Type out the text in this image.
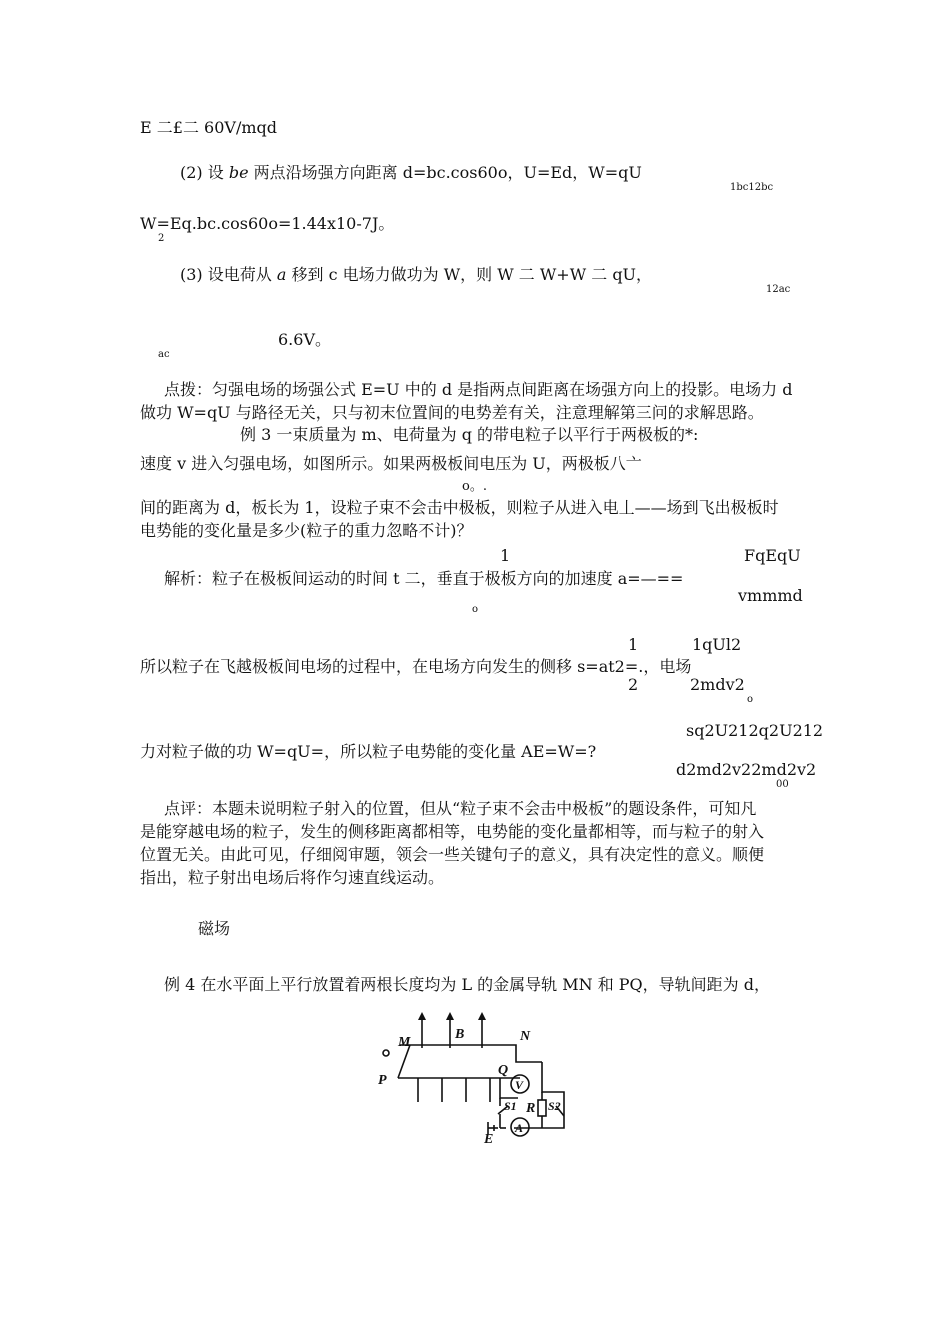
E 二£二 60V/mqd
(2) 设 be 两点沿场强方向距离 d=bc.cos60o，U=Ed，W=qU
1bc12bc
W=Eq.bc.cos60o=1.44x10-7J。
2
(3) 设电荷从 a 移到 c 电场力做功为 W，则 W 二 W+W 二 qU，
12ac
6.6V。
ac
点拨：匀强电场的场强公式 E=U 中的 d 是指两点间距离在场强方向上的投影。电场力 d
做功 W=qU 与路径无关，只与初末位置间的电势差有关，注意理解第三问的求解思路。
例 3 一束质量为 m、电荷量为 q 的带电粒子以平行于两极板的*:
速度 v 进入匀强电场，如图所示。如果两极板间电压为 U，两极板八亠
o。.
间的距离为 d，板长为 1，设粒子束不会击中极板，则粒子从进入电丄——场到飞出极板时
电势能的变化量是多少(粒子的重力忽略不计)？
1	FqEqU
解析：粒子在极板间运动的时间 t 二，垂直于极板方向的加速度 a=—==
vmmmd
o
1	1qUl2
所以粒子在飞越极板间电场的过程中，在电场方向发生的侧移 s=at2=.，电场
2	2mdv2
o
sq2U212q2U212
力对粒子做的功 W=qU=，所以粒子电势能的变化量 AE=W=?
d2md2v22md2v2
00
点评：本题未说明粒子射入的位置，但从“粒子束不会击中极板”的题设条件，可知凡
是能穿越电场的粒子，发生的侧移距离都相等，电势能的变化量都相等，而与粒子的射入
位置无关。由此可见，仔细阅审题，领会一些关键句子的意义，具有决定性的意义。顺便
指出，粒子射出电场后将作匀速直线运动。
磁场
例 4 在水平面上平行放置着两根长度均为 L 的金属导轨 MN 和 PQ，导轨间距为 d，
M
B	N
P
Q
V
S1 R S2
E
A
